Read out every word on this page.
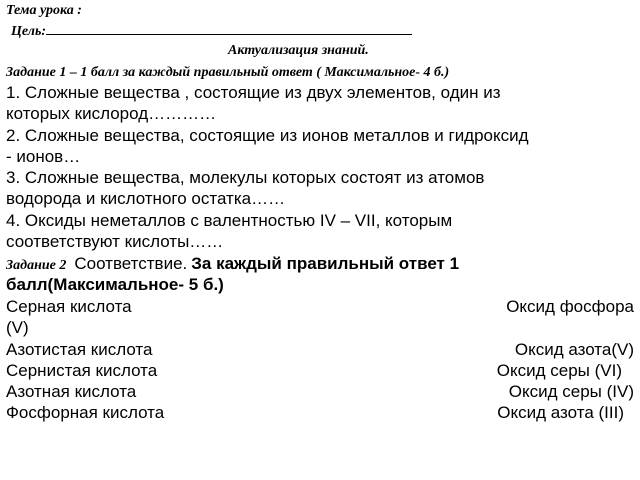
Тема урока :
Цель:
Актуализация знаний.
Задание 1 – 1 балл за каждый правильный ответ ( Максимальное- 4 б.)
1. Сложные вещества , состоящие из двух элементов, один из
которых кислород…………
2. Сложные вещества, состоящие из ионов металлов и гидроксид
- ионов…
3. Сложные вещества, молекулы которых состоят из атомов
водорода и кислотного остатка……
4. Оксиды неметаллов с валентностью IV – VII, которым
соответствуют кислоты……
Задание 2 Соответствие. За каждый правильный ответ 1
балл(Максимальное- 5 б.)
Серная кислота	Оксид фосфора
(V)
Азотистая кислота	Оксид азота(V)
Сернистая кислота	Оксид серы (VI)
Азотная кислота	Оксид серы (IV)
Фосфорная кислота	Оксид азота (III)
